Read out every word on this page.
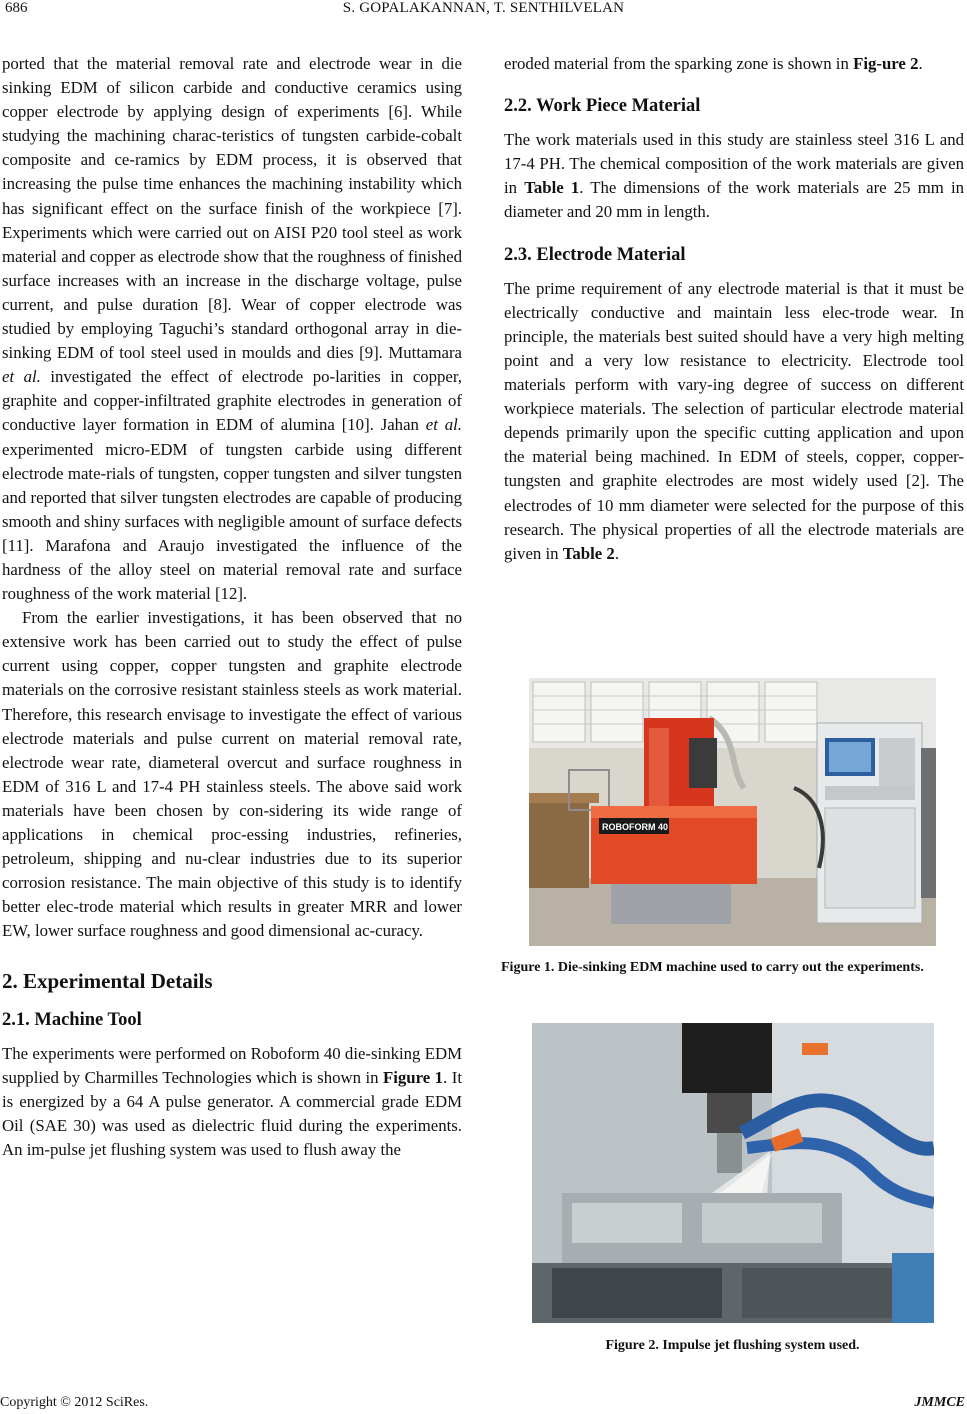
686	S. GOPALAKANNAN, T. SENTHILVELAN

ported that the material removal rate and electrode wear in die sinking EDM of silicon carbide and conductive ceramics using copper electrode by applying design of experiments [6]. While studying the machining charac-teristics of tungsten carbide-cobalt composite and ce-ramics by EDM process, it is observed that increasing the pulse time enhances the machining instability which has significant effect on the surface finish of the workpiece [7]. Experiments which were carried out on AISI P20 tool steel as work material and copper as electrode show that the roughness of finished surface increases with an increase in the discharge voltage, pulse current, and pulse duration [8]. Wear of copper electrode was studied by employing Taguchi’s standard orthogonal array in die-sinking EDM of tool steel used in moulds and dies [9]. Muttamara et al. investigated the effect of electrode po-larities in copper, graphite and copper-infiltrated graphite electrodes in generation of conductive layer formation in EDM of alumina [10]. Jahan et al. experimented micro-EDM of tungsten carbide using different electrode mate-rials of tungsten, copper tungsten and silver tungsten and reported that silver tungsten electrodes are capable of producing smooth and shiny surfaces with negligible amount of surface defects [11]. Marafona and Araujo investigated the influence of the hardness of the alloy steel on material removal rate and surface roughness of the work material [12].

From the earlier investigations, it has been observed that no extensive work has been carried out to study the effect of pulse current using copper, copper tungsten and graphite electrode materials on the corrosive resistant stainless steels as work material. Therefore, this research envisage to investigate the effect of various electrode materials and pulse current on material removal rate, electrode wear rate, diameteral overcut and surface roughness in EDM of 316 L and 17-4 PH stainless steels. The above said work materials have been chosen by con-sidering its wide range of applications in chemical proc-essing industries, refineries, petroleum, shipping and nu-clear industries due to its superior corrosion resistance. The main objective of this study is to identify better elec-trode material which results in greater MRR and lower EW, lower surface roughness and good dimensional ac-curacy.

2. Experimental Details
2.1. Machine Tool

The experiments were performed on Roboform 40 die-sinking EDM supplied by Charmilles Technologies which is shown in Figure 1. It is energized by a 64 A pulse generator. A commercial grade EDM Oil (SAE 30) was used as dielectric fluid during the experiments. An im-pulse jet flushing system was used to flush away the

eroded material from the sparking zone is shown in Fig-ure 2.

2.2. Work Piece Material

The work materials used in this study are stainless steel 316 L and 17-4 PH. The chemical composition of the work materials are given in Table 1. The dimensions of the work materials are 25 mm in diameter and 20 mm in length.

2.3. Electrode Material

The prime requirement of any electrode material is that it must be electrically conductive and maintain less elec-trode wear. In principle, the materials best suited should have a very high melting point and a very low resistance to electricity. Electrode tool materials perform with vary-ing degree of success on different workpiece materials. The selection of particular electrode material depends primarily upon the specific cutting application and upon the material being machined. In EDM of steels, copper, copper-tungsten and graphite electrodes are most widely used [2]. The electrodes of 10 mm diameter were selected for the purpose of this research. The physical properties of all the electrode materials are given in Table 2.

ROBOFORM 40
Figure 1. Die-sinking EDM machine used to carry out the experiments.
Figure 2. Impulse jet flushing system used.
Copyright © 2012 SciRes.	JMMCE
